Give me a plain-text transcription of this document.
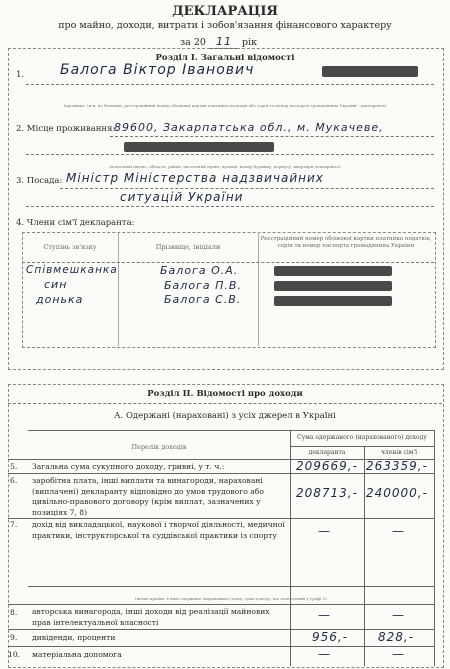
ДЕКЛАРАЦІЯ
про майно, доходи, витрати і зобов'язання фінансового характеру
за 20 11 рік
Розділ І. Загальні відомості
1.	Балога Віктор Іванович
(прізвище, ім'я, по батькові, реєстраційний номер облікової картки платника податків або серія та номер паспорта громадянина України - декларанта)
2. Місце проживання:
89600, Закарпатська обл., м. Мукачеве,
(поштовий індекс, область, район, населений пункт, вулиця, номер будинку, корпусу, квартири декларанта)
3. Посада: Міністр Міністерства надзвичайних
ситуацій України
4. Члени сім'ї декларанта:
Ступінь зв'язку	Прізвище, ініціали
Реєстраційний номер облікової картки платника податків, серія та номер паспорта громадянина України
Співмешканка	Балога О.А.
син	Балога П.В.
донька	Балога С.В.
Розділ ІІ. Відомості про доходи
А. Одержані (нараховані) з усіх джерел в Україні
Перелік доходів
Сума одержаного (нарахованого) доходу
декларанта	членів сім'ї
5. Загальна сума сукупного доходу, гривні, у т. ч.:	209669,- 263359,-
6. заробітна плата, інші виплати та винагороди, нараховані (виплачені) декларанту відповідно до умов трудового або цивільно-правового договору (крім виплат, зазначених у позиціях 7, 8)
208713,- 240000,-
7. дохід від викладацької, наукової і творчої діяльності, медичної практики, інструкторської та суддівської практики із спорту	—	—
(назва країни, в якій одержано (нараховано) дохід, сума доходу, що зазначений у графі 5)
8. авторська винагорода, інші доходи від реалізації майнових прав інтелектуальної власності	—	—
9. дивіденди, проценти	956,- 828,-
10. матеріальна допомога	—	—
